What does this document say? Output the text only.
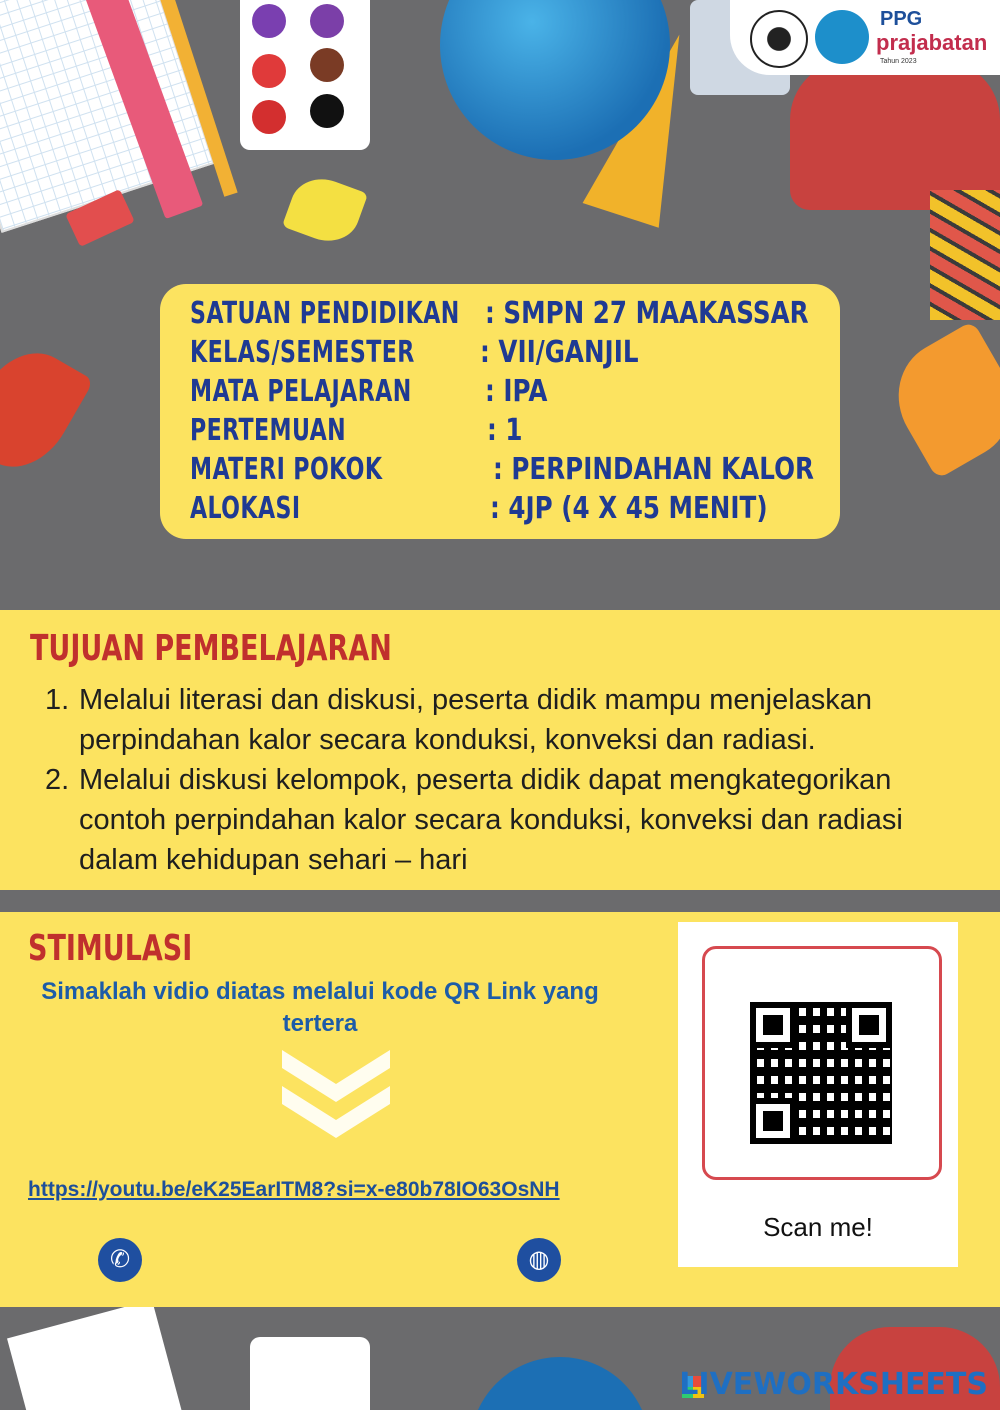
PPG
prajabatan
Tahun 2023
SATUAN PENDIDIKAN : SMPN 27 MAAKASSAR
KELAS/SEMESTER : VII/GANJIL
MATA PELAJARAN : IPA
PERTEMUAN	: 1
MATERI POKOK	: PERPINDAHAN KALOR
ALOKASI	: 4JP (4 X 45 MENIT)
TUJUAN PEMBELAJARAN
1. Melalui literasi dan diskusi, peserta didik mampu menjelaskan perpindahan kalor secara konduksi, konveksi dan radiasi.
2. Melalui diskusi kelompok, peserta didik dapat mengkategorikan contoh perpindahan kalor secara konduksi, konveksi dan radiasi dalam kehidupan sehari – hari
STIMULASI
Simaklah vidio diatas melalui kode QR Link yang tertera
https://youtu.be/eK25EarITM8?si=x-e80b78IO63OsNH
Scan me!
✆	◍
LIVEWORKSHEETS
